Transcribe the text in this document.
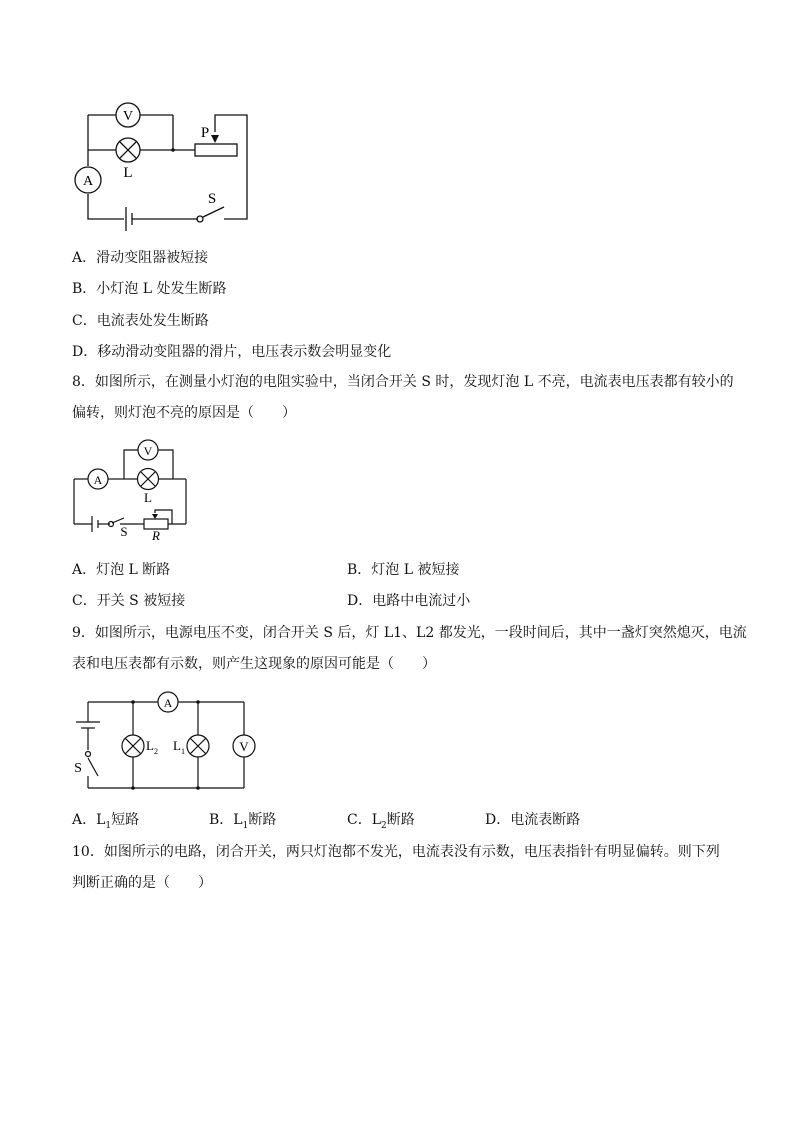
V
A
L
P
S
A．滑动变阻器被短接
B．小灯泡 L 处发生断路
C．电流表处发生断路
D．移动滑动变阻器的滑片，电压表示数会明显变化
8．如图所示，在测量小灯泡的电阻实验中，当闭合开关 S 时，发现灯泡 L 不亮，电流表电压表都有较小的
偏转，则灯泡不亮的原因是（　　）
V
A
L
S R
A．灯泡 L 断路	B．灯泡 L 被短接
C．开关 S 被短接	D．电路中电流过小
9．如图所示，电源电压不变，闭合开关 S 后，灯 L1、L2 都发光，一段时间后，其中一盏灯突然熄灭，电流
表和电压表都有示数，则产生这现象的原因可能是（　　）
A
V
S
L 2 L 1
A．$L_1$短路	B．$L_1$断路	C．$L_2$断路	D．电流表断路
10．如图所示的电路，闭合开关，两只灯泡都不发光，电流表没有示数，电压表指针有明显偏转。则下列
判断正确的是（　　）
